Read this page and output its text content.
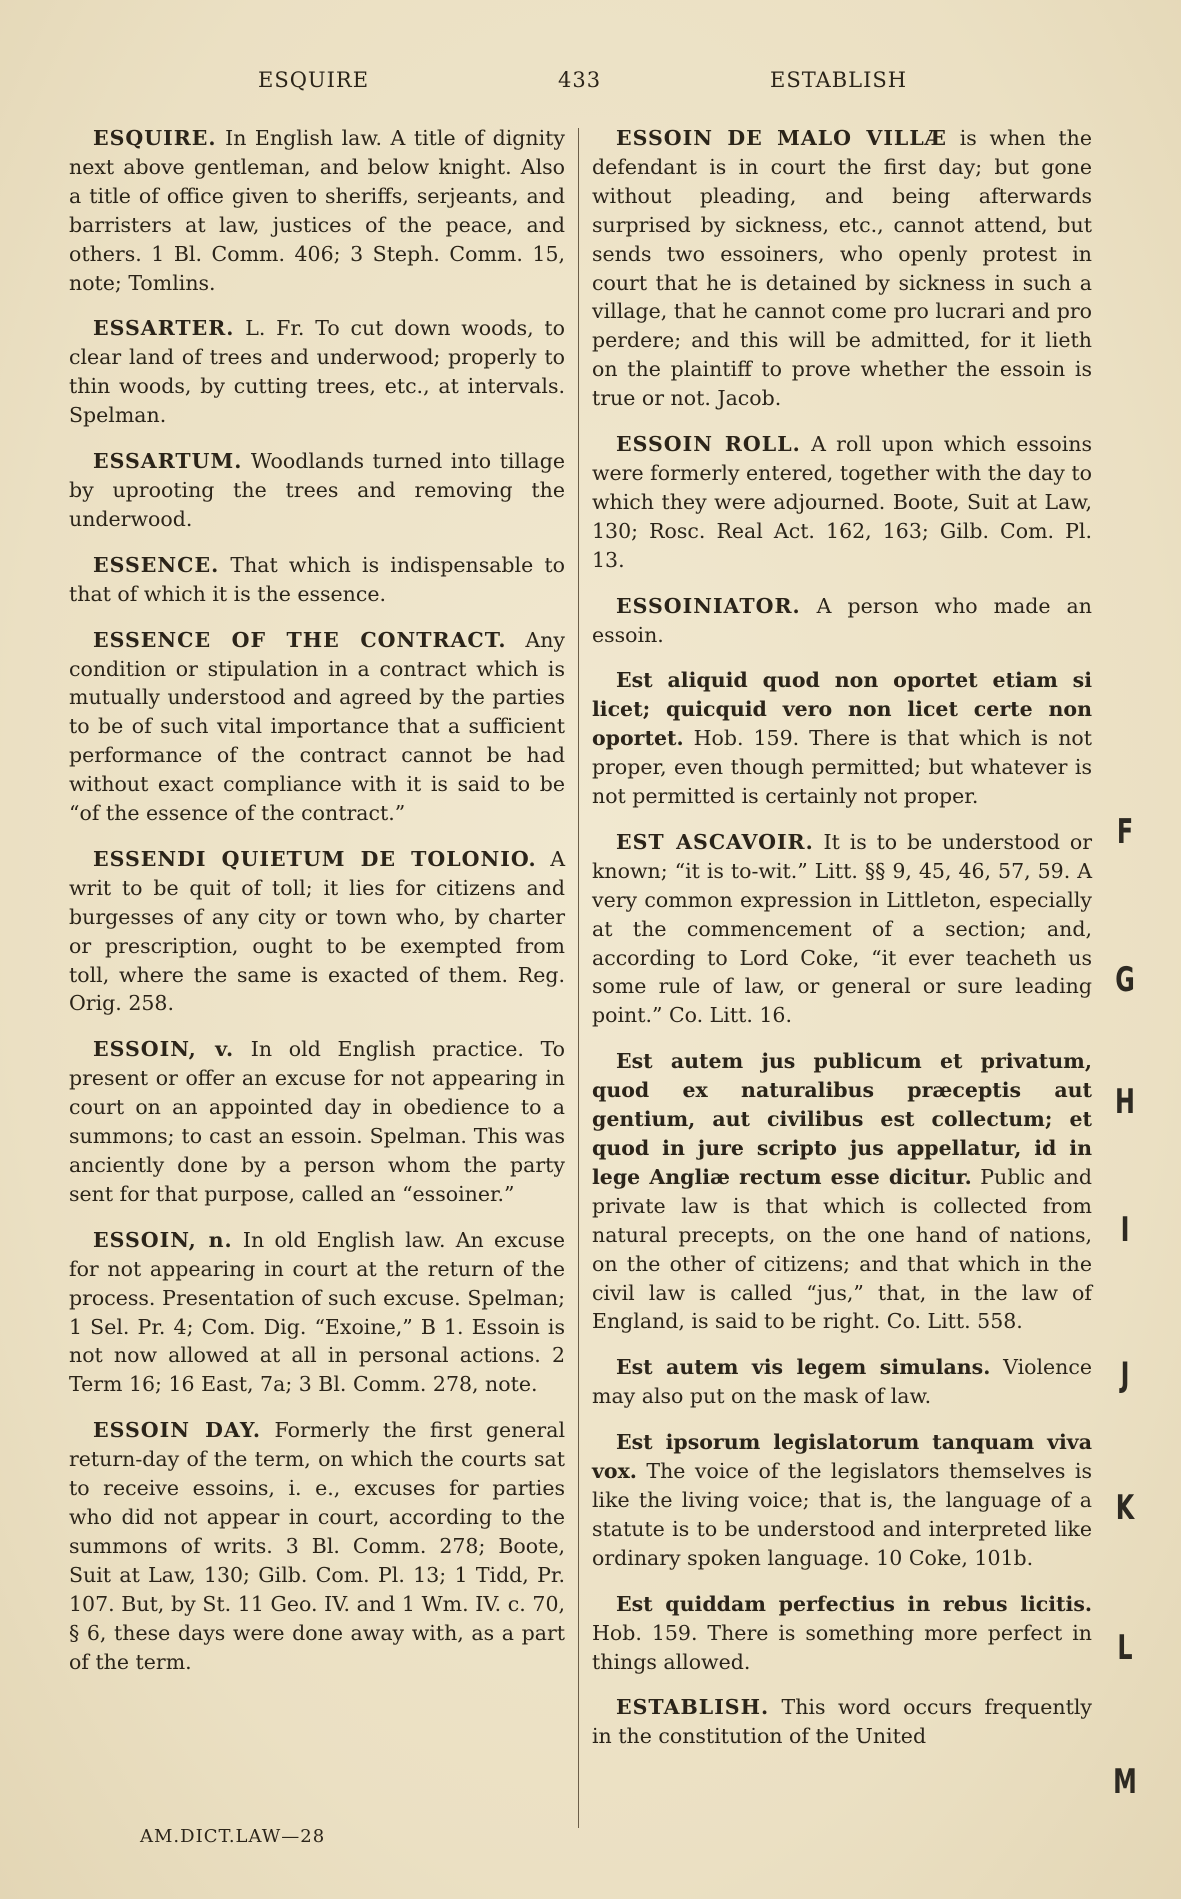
ESQUIRE	433	ESTABLISH

ESQUIRE. In English law. A title of dignity next above gentleman, and below knight. Also a title of office given to sheriffs, serjeants, and barristers at law, justices of the peace, and others. 1 Bl. Comm. 406; 3 Steph. Comm. 15, note; Tomlins.

ESSARTER. L. Fr. To cut down woods, to clear land of trees and underwood; properly to thin woods, by cutting trees, etc., at intervals. Spelman.

ESSARTUM. Woodlands turned into tillage by uprooting the trees and removing the underwood.

ESSENCE. That which is indispensable to that of which it is the essence.

ESSENCE OF THE CONTRACT. Any condition or stipulation in a contract which is mutually understood and agreed by the parties to be of such vital importance that a sufficient performance of the contract cannot be had without exact compliance with it is said to be “of the essence of the contract.”

ESSENDI QUIETUM DE TOLONIO. A writ to be quit of toll; it lies for citizens and burgesses of any city or town who, by charter or prescription, ought to be exempted from toll, where the same is exacted of them. Reg. Orig. 258.

ESSOIN, v. In old English practice. To present or offer an excuse for not appearing in court on an appointed day in obedience to a summons; to cast an essoin. Spelman. This was anciently done by a person whom the party sent for that purpose, called an “essoiner.”

ESSOIN, n. In old English law. An excuse for not appearing in court at the return of the process. Presentation of such excuse. Spelman; 1 Sel. Pr. 4; Com. Dig. “Exoine,” B 1. Essoin is not now allowed at all in personal actions. 2 Term 16; 16 East, 7a; 3 Bl. Comm. 278, note.

ESSOIN DAY. Formerly the first general return-day of the term, on which the courts sat to receive essoins, i. e., excuses for parties who did not appear in court, according to the summons of writs. 3 Bl. Comm. 278; Boote, Suit at Law, 130; Gilb. Com. Pl. 13; 1 Tidd, Pr. 107. But, by St. 11 Geo. IV. and 1 Wm. IV. c. 70, § 6, these days were done away with, as a part of the term.

ESSOIN DE MALO VILLÆ is when the defendant is in court the first day; but gone without pleading, and being afterwards surprised by sickness, etc., cannot attend, but sends two essoiners, who openly protest in court that he is detained by sickness in such a village, that he cannot come pro lucrari and pro perdere; and this will be admitted, for it lieth on the plaintiff to prove whether the essoin is true or not. Jacob.

ESSOIN ROLL. A roll upon which essoins were formerly entered, together with the day to which they were adjourned. Boote, Suit at Law, 130; Rosc. Real Act. 162, 163; Gilb. Com. Pl. 13.

ESSOINIATOR. A person who made an essoin.

Est aliquid quod non oportet etiam si licet; quicquid vero non licet certe non oportet. Hob. 159. There is that which is not proper, even though permitted; but whatever is not permitted is certainly not proper.

EST ASCAVOIR. It is to be understood or known; “it is to-wit.” Litt. §§ 9, 45, 46, 57, 59. A very common expression in Littleton, especially at the commencement of a section; and, according to Lord Coke, “it ever teacheth us some rule of law, or general or sure leading point.” Co. Litt. 16.

Est autem jus publicum et privatum, quod ex naturalibus præceptis aut gentium, aut civilibus est collectum; et quod in jure scripto jus appellatur, id in lege Angliæ rectum esse dicitur. Public and private law is that which is collected from natural precepts, on the one hand of nations, on the other of citizens; and that which in the civil law is called “jus,” that, in the law of England, is said to be right. Co. Litt. 558.

Est autem vis legem simulans. Violence may also put on the mask of law.

Est ipsorum legislatorum tanquam viva vox. The voice of the legislators themselves is like the living voice; that is, the language of a statute is to be understood and interpreted like ordinary spoken language. 10 Coke, 101b.

Est quiddam perfectius in rebus licitis. Hob. 159. There is something more perfect in things allowed.

ESTABLISH. This word occurs frequently in the constitution of the United

AM.DICT.LAW—28
F
G
H
I
J
K
L
M
